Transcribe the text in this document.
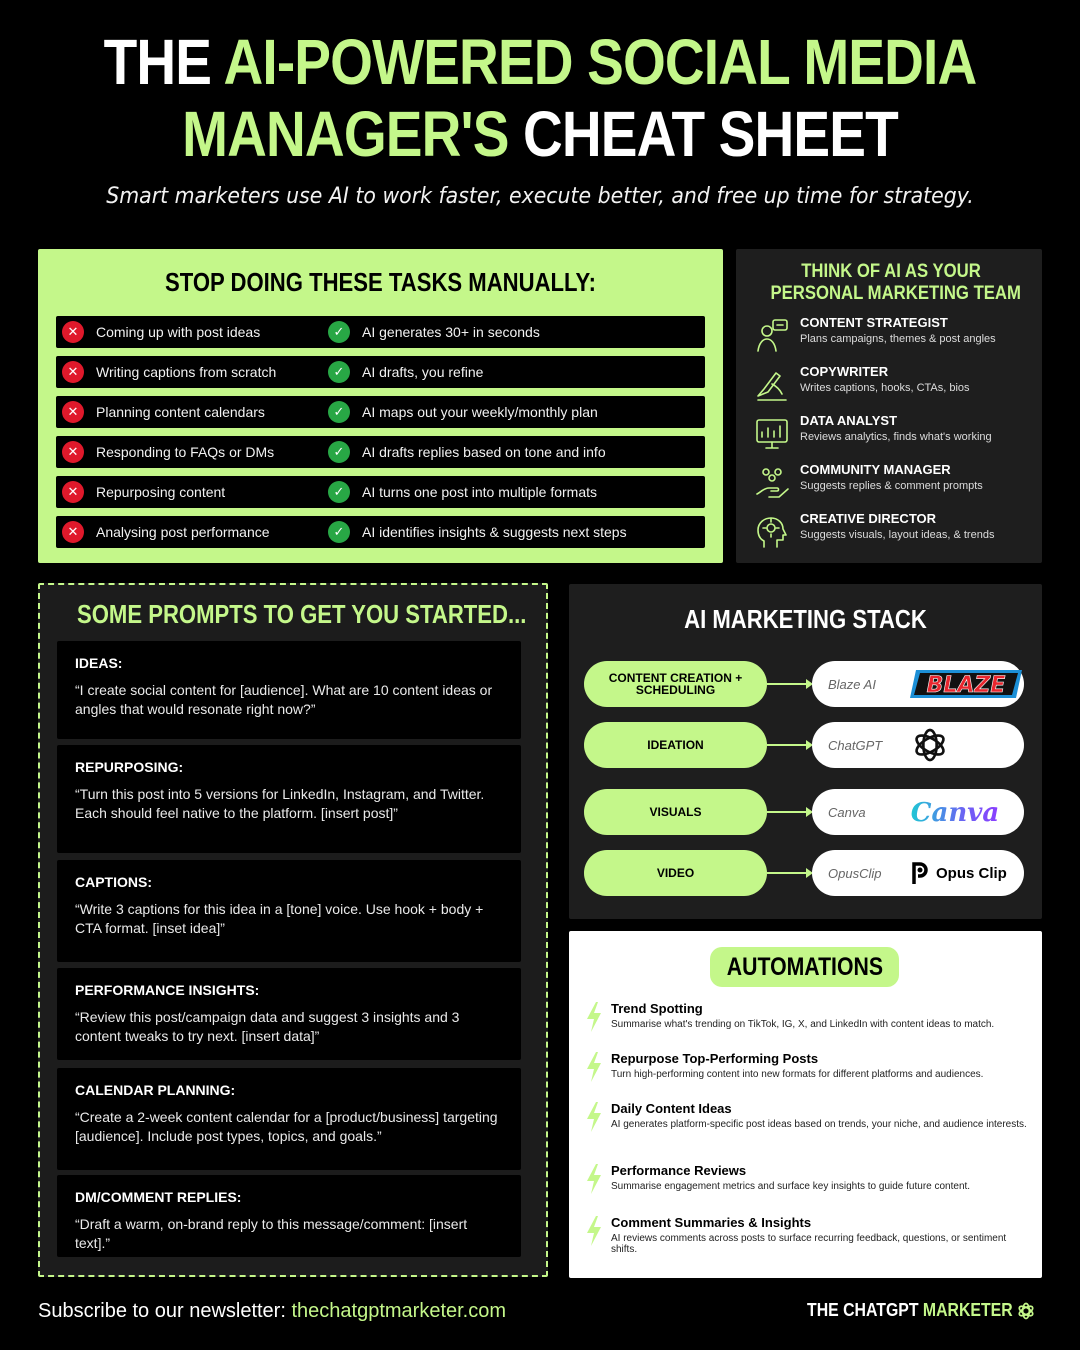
THE AI-POWERED SOCIAL MEDIA
MANAGER'S CHEAT SHEET
Smart marketers use AI to work faster, execute better, and free up time for strategy.
STOP DOING THESE TASKS MANUALLY:
✕	Coming up with post ideas	✓	AI generates 30+ in seconds
✕	Writing captions from scratch	✓	AI drafts, you refine
✕	Planning content calendars	✓	AI maps out your weekly/monthly plan
✕	Responding to FAQs or DMs	✓	AI drafts replies based on tone and info
✕	Repurposing content	✓	AI turns one post into multiple formats
✕	Analysing post performance	✓	AI identifies insights & suggests next steps
THINK OF AI AS YOUR
PERSONAL MARKETING TEAM
CONTENT STRATEGIST
Plans campaigns, themes & post angles
COPYWRITER
Writes captions, hooks, CTAs, bios
DATA ANALYST
Reviews analytics, finds what's working
COMMUNITY MANAGER
Suggests replies & comment prompts
CREATIVE DIRECTOR
Suggests visuals, layout ideas, & trends
SOME PROMPTS TO GET YOU STARTED...
IDEAS:
“I create social content for [audience]. What are 10 content ideas or angles that would resonate right now?”
REPURPOSING:
“Turn this post into 5 versions for LinkedIn, Instagram, and Twitter. Each should feel native to the platform. [insert post]”
CAPTIONS:
“Write 3 captions for this idea in a [tone] voice. Use hook + body + CTA format. [inset idea]”
PERFORMANCE INSIGHTS:
“Review this post/campaign data and suggest 3 insights and 3 content tweaks to try next. [insert data]”
CALENDAR PLANNING:
“Create a 2-week content calendar for a [product/business] targeting [audience]. Include post types, topics, and goals.”
DM/COMMENT REPLIES:
“Draft a warm, on-brand reply to this message/comment: [insert text].”
AI MARKETING STACK
CONTENT CREATION +
SCHEDULING	Blaze AI	BLAZE
IDEATION	ChatGPT
VISUALS	Canva	Canva
VIDEO	OpusClip	Opus Clip
AUTOMATIONS
Trend Spotting
Summarise what's trending on TikTok, IG, X, and LinkedIn with content ideas to match.
Repurpose Top-Performing Posts
Turn high-performing content into new formats for different platforms and audiences.
Daily Content Ideas
AI generates platform-specific post ideas based on trends, your niche, and audience interests.
Performance Reviews
Summarise engagement metrics and surface key insights to guide future content.
Comment Summaries & Insights
AI reviews comments across posts to surface recurring feedback, questions, or sentiment shifts.
Subscribe to our newsletter: thechatgptmarketer.com	THE CHATGPT MARKETER
